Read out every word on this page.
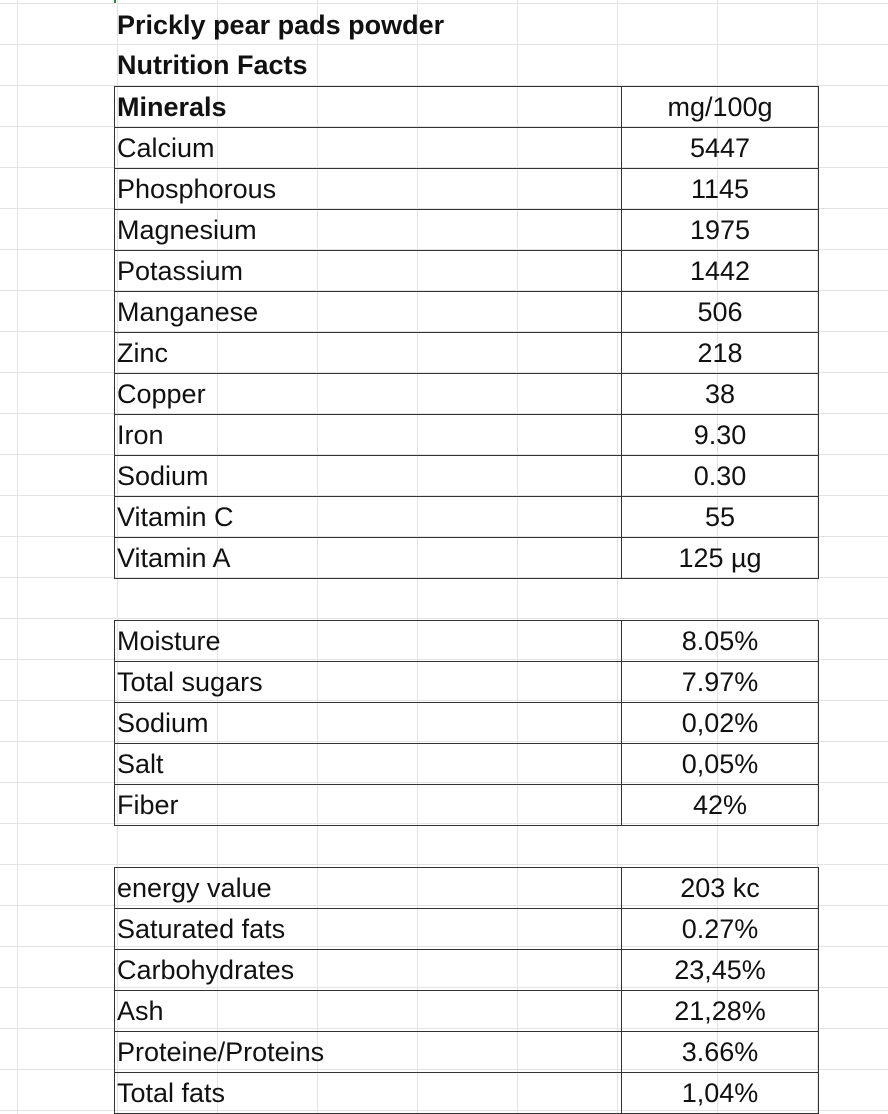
Prickly pear pads powder
Nutrition Facts
Minerals	mg/100g
Calcium	5447
Phosphorous	1145
Magnesium	1975
Potassium	1442
Manganese	506
Zinc	218
Copper	38
Iron	9.30
Sodium	0.30
Vitamin C	55
Vitamin A	125 µg
Moisture	8.05%
Total sugars	7.97%
Sodium	0,02%
Salt	0,05%
Fiber	42%
energy value	203 kc
Saturated fats	0.27%
Carbohydrates	23,45%
Ash	21,28%
Proteine/Proteins	3.66%
Total fats	1,04%
